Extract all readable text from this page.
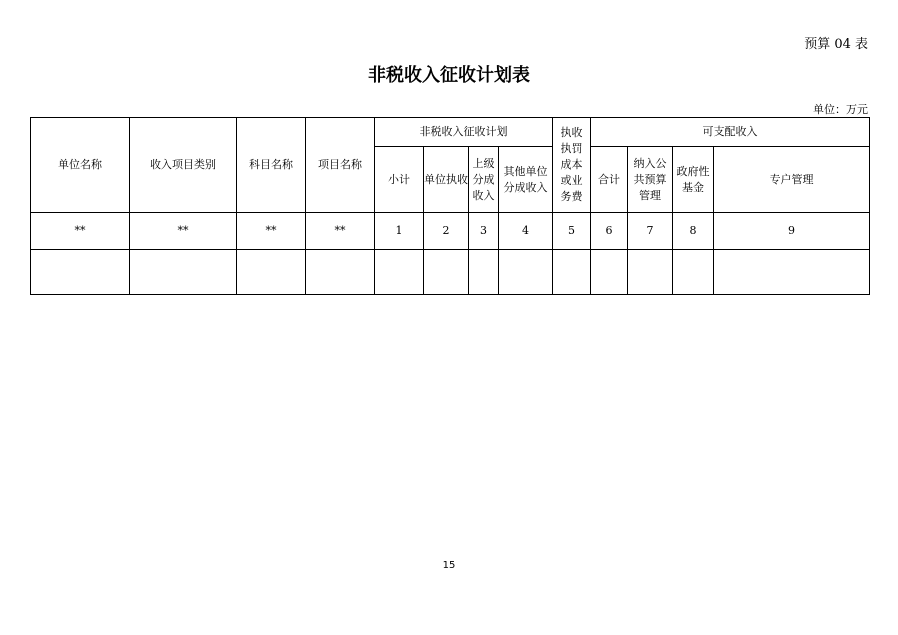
预算 04 表
非税收入征收计划表
单位：万元
单位名称	收入项目类别	科目名称	项目名称	非税收入征收计划				执收执罚成本或业务费	可支配收入			
				小计	单位执收	上级分成收入	其他单位分成收入		合计	纳入公共预算管理	政府性基金	专户管理
**	**	**	**	1	2	3	4	5	6	7	8	9

15
